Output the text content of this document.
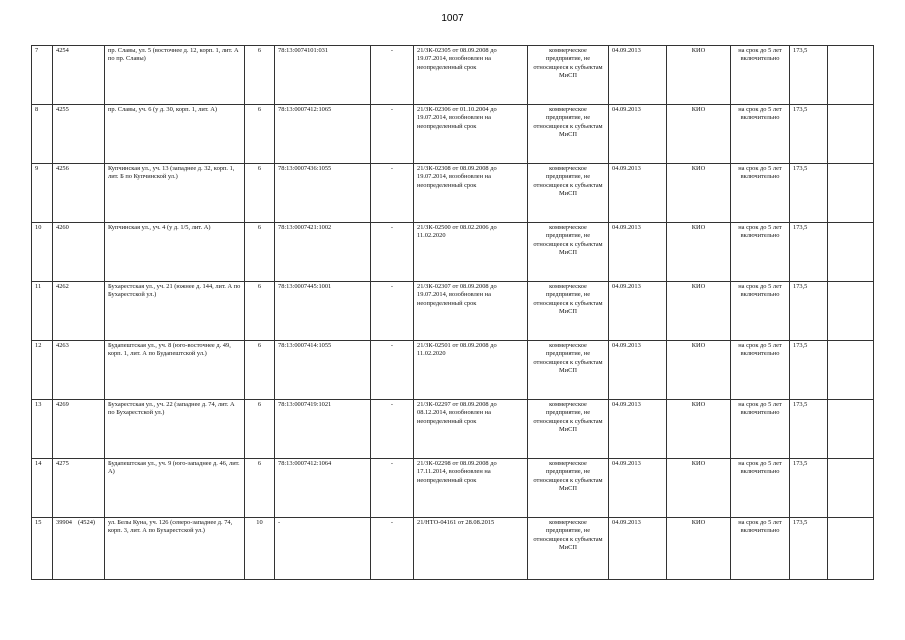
1007
7	4254	пр. Славы, ул. 5 (восточнее д. 12, корп. 1, лит. А по пр. Славы)	6	78:13:0074101:031	-	21/ЗК-02305 от 08.09.2008 до 19.07.2014, возобновлен на неопределенный срок	коммерческое предприятие, не относящееся к субъектам МиСП	04.09.2013	КИО	на срок до 5 лет включительно	173,5	
8	4255	пр. Славы, уч. 6 (у д. 30, корп. 1, лит. А)	6	78:13:0007412:1065	-	21/ЗК-02306 от 01.10.2004 до 19.07.2014, возобновлен на неопределенный срок	коммерческое предприятие, не относящееся к субъектам МиСП	04.09.2013	КИО	на срок до 5 лет включительно	173,5	
9	4256	Купчинская ул., уч. 13 (западнее д. 32, корп. 1, лит. Б по Купчинской ул.)	6	78:13:0007436:1055	-	21/ЗК-02308 от 08.09.2008 до 19.07.2014, возобновлен на неопределенный срок	коммерческое предприятие, не относящееся к субъектам МиСП	04.09.2013	КИО	на срок до 5 лет включительно	173,5	
10	4260	Купчинская ул., уч. 4 (у д. 1/5, лит. А)	6	78:13:0007421:1002	-	21/ЗК-02500 от 08.02.2006 до 11.02.2020	коммерческое предприятие, не относящееся к субъектам МиСП	04.09.2013	КИО	на срок до 5 лет включительно	173,5	
11	4262	Бухарестская ул., уч. 21 (южнее д. 144, лит. А по Бухарестской ул.)	6	78:13:0007445:1001	-	21/ЗК-02307 от 08.09.2008 до 19.07.2014, возобновлен на неопределенный срок	коммерческое предприятие, не относящееся к субъектам МиСП	04.09.2013	КИО	на срок до 5 лет включительно	173,5	
12	4263	Будапештская ул., уч. 8 (юго-восточнее д. 49, корп. 1, лит. А по Будапештской ул.)	6	78:13:0007414:1055	-	21/ЗК-02501 от 08.09.2008 до 11.02.2020	коммерческое предприятие, не относящееся к субъектам МиСП	04.09.2013	КИО	на срок до 5 лет включительно	173,5	
13	4269	Бухарестская ул., уч. 22 (западнее д. 74, лит. А по Бухарестской ул.)	6	78:13:0007419:1021	-	21/ЗК-02297 от 08.09.2008 до 08.12.2014, возобновлен на неопределенный срок	коммерческое предприятие, не относящееся к субъектам МиСП	04.09.2013	КИО	на срок до 5 лет включительно	173,5	
14	4275	Будапештская ул., уч. 9 (юго-западнее д. 46, лит. А)	6	78:13:0007412:1064	-	21/ЗК-02298 от 08.09.2008 до 17.11.2014, возобновлен на неопределенный срок	коммерческое предприятие, не относящееся к субъектам МиСП	04.09.2013	КИО	на срок до 5 лет включительно	173,5	
15	39904 (4524)	ул. Белы Куна, уч. 126 (северо-западнее д. 74, корп. 3, лит. А по Бухарестской ул.)	10	-	-	21/НТО-04161 от 28.08.2015	коммерческое предприятие, не относящееся к субъектам МиСП	04.09.2013	КИО	на срок до 5 лет включительно	173,5	
